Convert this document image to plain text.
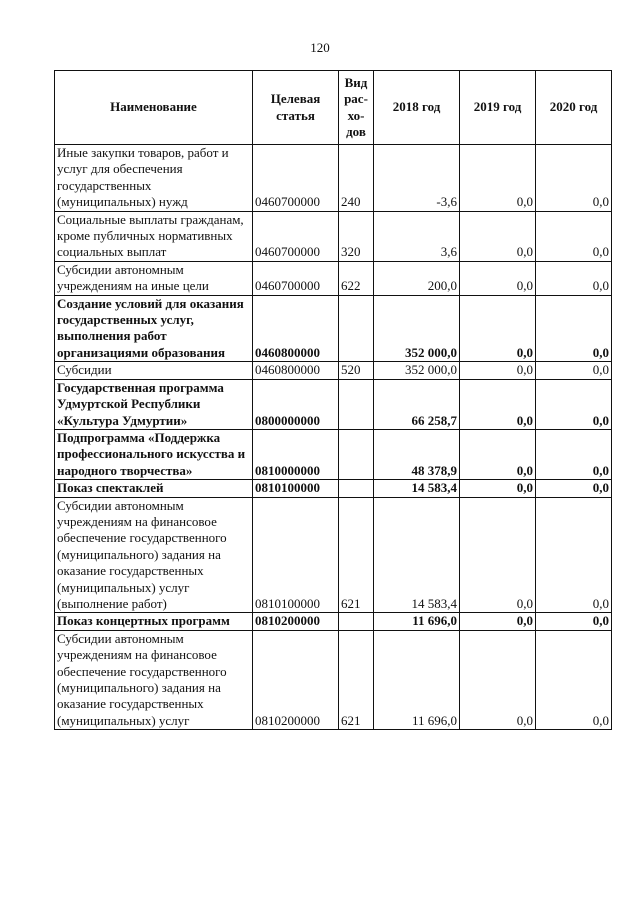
120
Наименование	Целевая статья	Вид рас-хо-дов	2018 год	2019 год	2020 год
Иные закупки товаров, работ и услуг для обеспечения государственных (муниципальных) нужд	0460700000	240	-3,6	0,0	0,0
Социальные выплаты гражданам, кроме публичных нормативных социальных выплат	0460700000	320	3,6	0,0	0,0
Субсидии автономным учреждениям на иные цели	0460700000	622	200,0	0,0	0,0
Создание условий для оказания государственных услуг, выполнения работ организациями образования	0460800000		352 000,0	0,0	0,0
Субсидии	0460800000	520	352 000,0	0,0	0,0
Государственная программа Удмуртской Республики «Культура Удмуртии»	0800000000		66 258,7	0,0	0,0
Подпрограмма «Поддержка профессионального искусства и народного творчества»	0810000000		48 378,9	0,0	0,0
Показ спектаклей	0810100000		14 583,4	0,0	0,0
Субсидии автономным учреждениям на финансовое обеспечение государственного (муниципального) задания на оказание государственных (муниципальных) услуг (выполнение работ)	0810100000	621	14 583,4	0,0	0,0
Показ концертных программ	0810200000		11 696,0	0,0	0,0
Субсидии автономным учреждениям на финансовое обеспечение государственного (муниципального) задания на оказание государственных (муниципальных) услуг	0810200000	621	11 696,0	0,0	0,0
